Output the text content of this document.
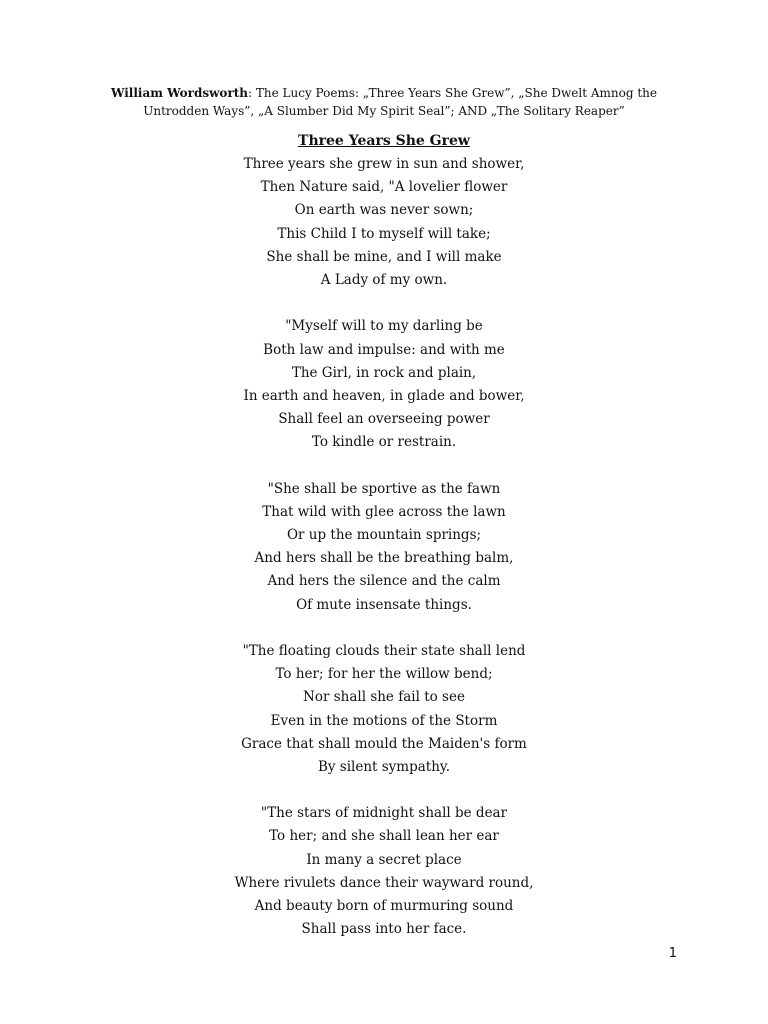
William Wordsworth: The Lucy Poems: „Three Years She Grew”, „She Dwelt Amnog the Untrodden Ways”, „A Slumber Did My Spirit Seal”; AND „The Solitary Reaper”
Three Years She Grew
Three years she grew in sun and shower,
Then Nature said, "A lovelier flower
On earth was never sown;
This Child I to myself will take;
She shall be mine, and I will make
A Lady of my own.
"Myself will to my darling be
Both law and impulse: and with me
The Girl, in rock and plain,
In earth and heaven, in glade and bower,
Shall feel an overseeing power
To kindle or restrain.
"She shall be sportive as the fawn
That wild with glee across the lawn
Or up the mountain springs;
And hers shall be the breathing balm,
And hers the silence and the calm
Of mute insensate things.
"The floating clouds their state shall lend
To her; for her the willow bend;
Nor shall she fail to see
Even in the motions of the Storm
Grace that shall mould the Maiden's form
By silent sympathy.
"The stars of midnight shall be dear
To her; and she shall lean her ear
In many a secret place
Where rivulets dance their wayward round,
And beauty born of murmuring sound
Shall pass into her face.
1
